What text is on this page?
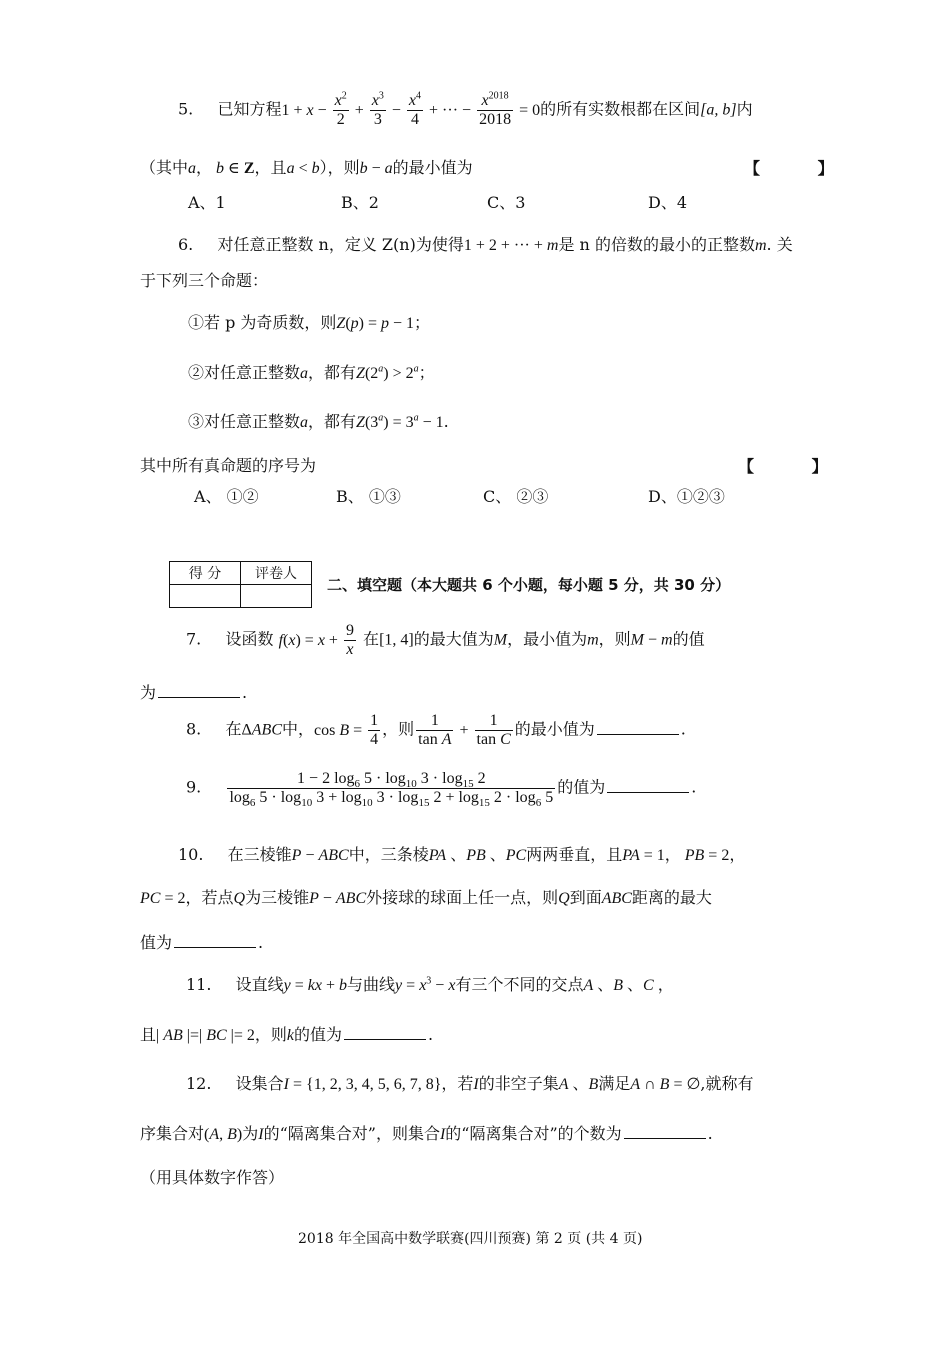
5. 已知方程$1 + x - \frac{x^2}{2} + \frac{x^3}{3} - \frac{x^4}{4}$ + ··· − $\frac{x^{2018}}{2018} = 0$的所有实数根都在区间[a, b]内
（其中a， b ∈ Z，且a < b），则b − a的最小值为	【 】
A、1	B、2	C、3	D、4
6. 对任意正整数 n，定义 Z(n)为使得1 + 2 + ··· + m是 n 的倍数的最小的正整数m. 关
于下列三个命题：
①若 p 为奇质数，则Z(p) = p − 1；
②对任意正整数a，都有$Z(2^a) > 2^a$；
③对任意正整数a，都有$Z(3^a) = 3^a - 1$.
其中所有真命题的序号为	【 】
A、 ①②	B、 ①③	C、 ②③	D、①②③
得 分	评卷人

二、填空题（本大题共 6 个小题，每小题 5 分，共 30 分）
7. 设函数 $f(x) = x + \frac{9}{x}$ 在[1, 4]的最大值为M，最小值为m，则M − m的值
为	.
8. 在ΔABC中，$\cos B = \frac{1}{4}$ ，则 $\frac{1}{\text{tan A}} + \frac{1}{\text{tan C}}$ 的最小值为	.
9. $\frac{1 - 2 \log_6 5 \cdot \log_{10} 3 \cdot \log_{15} 2}{\log_6 5 \cdot \log_{10} 3 + \log_{10} 3 \cdot \log_{15} 2 + \log_{15} 2 \cdot \log_6 5}$ 的值为	.
10. 在三棱锥P − ABC中，三条棱PA 、PB 、PC两两垂直，且PA = 1， PB = 2，
PC = 2，若点Q为三棱锥P − ABC外接球的球面上任一点，则Q到面ABC距离的最大
值为	.
11. 设直线y = kx + b与曲线$y = x^3 - x$有三个不同的交点A 、B 、C ，
且| AB |=| BC |= 2，则k的值为	.
12. 设集合I = {1, 2, 3, 4, 5, 6, 7, 8}，若I的非空子集A 、B满足A ∩ B = ∅,就称有
序集合对(A, B)为I的“隔离集合对”，则集合I的“隔离集合对”的个数为	.
（用具体数字作答）
2018 年全国高中数学联赛(四川预赛) 第 2 页 (共 4 页)
